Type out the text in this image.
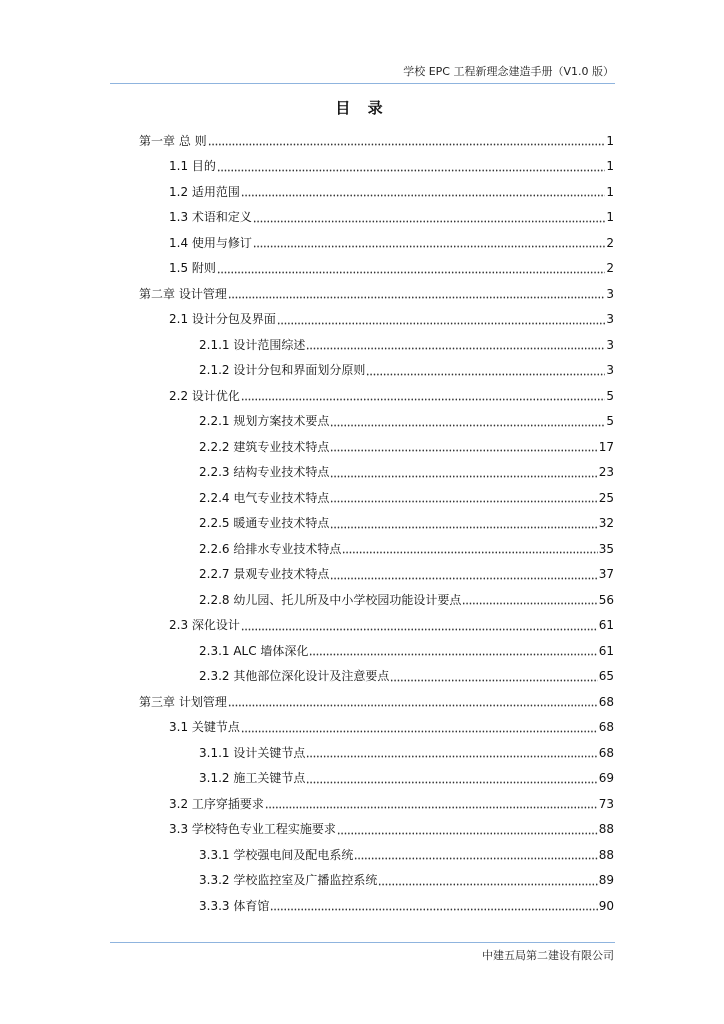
学校 EPC 工程新理念建造手册（V1.0 版）
目 录
第一章 总 则	1
1.1 目的	1
1.2 适用范围	1
1.3 术语和定义	1
1.4 使用与修订	2
1.5 附则	2
第二章 设计管理	3
2.1 设计分包及界面	3
2.1.1 设计范围综述	3
2.1.2 设计分包和界面划分原则	3
2.2 设计优化	5
2.2.1 规划方案技术要点	5
2.2.2 建筑专业技术特点	17
2.2.3 结构专业技术特点	23
2.2.4 电气专业技术特点	25
2.2.5 暖通专业技术特点	32
2.2.6 给排水专业技术特点	35
2.2.7 景观专业技术特点	37
2.2.8 幼儿园、托儿所及中小学校园功能设计要点	56
2.3 深化设计	61
2.3.1 ALC 墙体深化	61
2.3.2 其他部位深化设计及注意要点	65
第三章 计划管理	68
3.1 关键节点	68
3.1.1 设计关键节点	68
3.1.2 施工关键节点	69
3.2 工序穿插要求	73
3.3 学校特色专业工程实施要求	88
3.3.1 学校强电间及配电系统	88
3.3.2 学校监控室及广播监控系统	89
3.3.3 体育馆	90
中建五局第二建设有限公司
